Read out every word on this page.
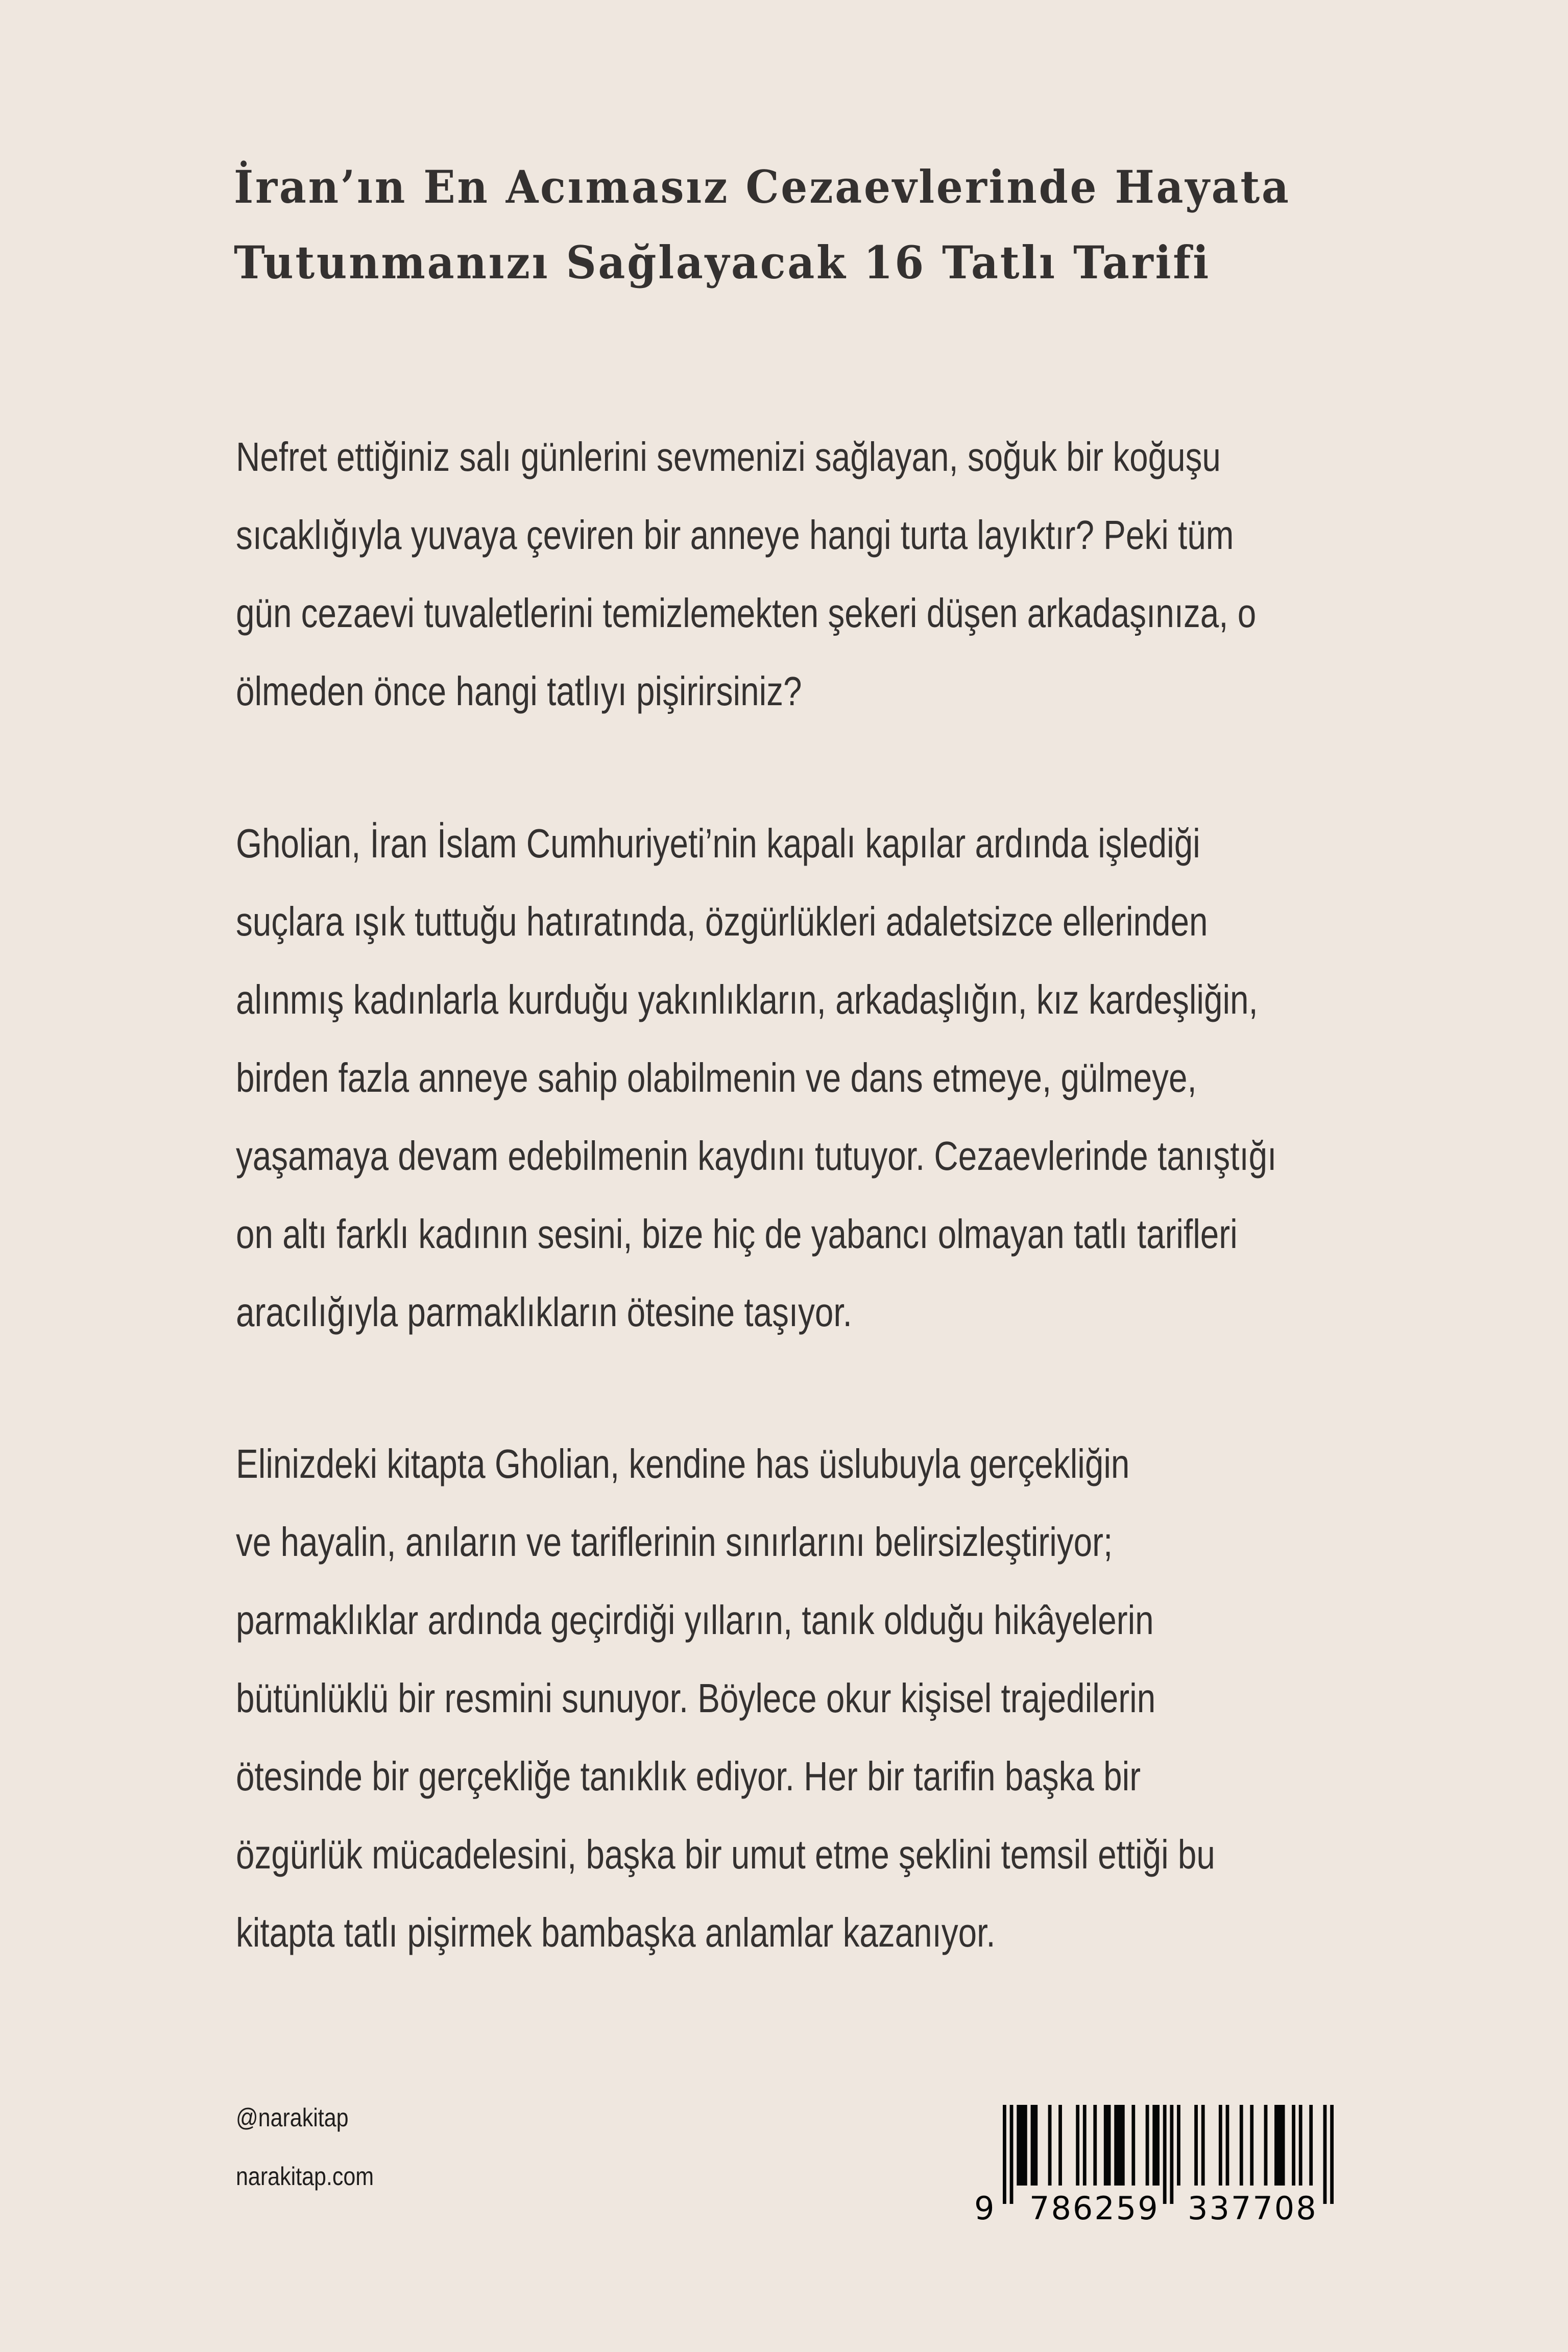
İran’ın En Acımasız Cezaevlerinde Hayata
Tutunmanızı Sağlayacak 16 Tatlı Tarifi

Nefret ettiğiniz salı günlerini sevmenizi sağlayan, soğuk bir koğuşu
sıcaklığıyla yuvaya çeviren bir anneye hangi turta layıktır? Peki tüm
gün cezaevi tuvaletlerini temizlemekten şekeri düşen arkadaşınıza, o
ölmeden önce hangi tatlıyı pişirirsiniz?

Gholian, İran İslam Cumhuriyeti’nin kapalı kapılar ardında işlediği
suçlara ışık tuttuğu hatıratında, özgürlükleri adaletsizce ellerinden
alınmış kadınlarla kurduğu yakınlıkların, arkadaşlığın, kız kardeşliğin,
birden fazla anneye sahip olabilmenin ve dans etmeye, gülmeye,
yaşamaya devam edebilmenin kaydını tutuyor. Cezaevlerinde tanıştığı
on altı farklı kadının sesini, bize hiç de yabancı olmayan tatlı tarifleri
aracılığıyla parmaklıkların ötesine taşıyor.

Elinizdeki kitapta Gholian, kendine has üslubuyla gerçekliğin
ve hayalin, anıların ve tariflerinin sınırlarını belirsizleştiriyor;
parmaklıklar ardında geçirdiği yılların, tanık olduğu hikâyelerin
bütünlüklü bir resmini sunuyor. Böylece okur kişisel trajedilerin
ötesinde bir gerçekliğe tanıklık ediyor. Her bir tarifin başka bir
özgürlük mücadelesini, başka bir umut etme şeklini temsil ettiği bu
kitapta tatlı pişirmek bambaşka anlamlar kazanıyor.

@narakitap
narakitap.com
9 786259 337708
